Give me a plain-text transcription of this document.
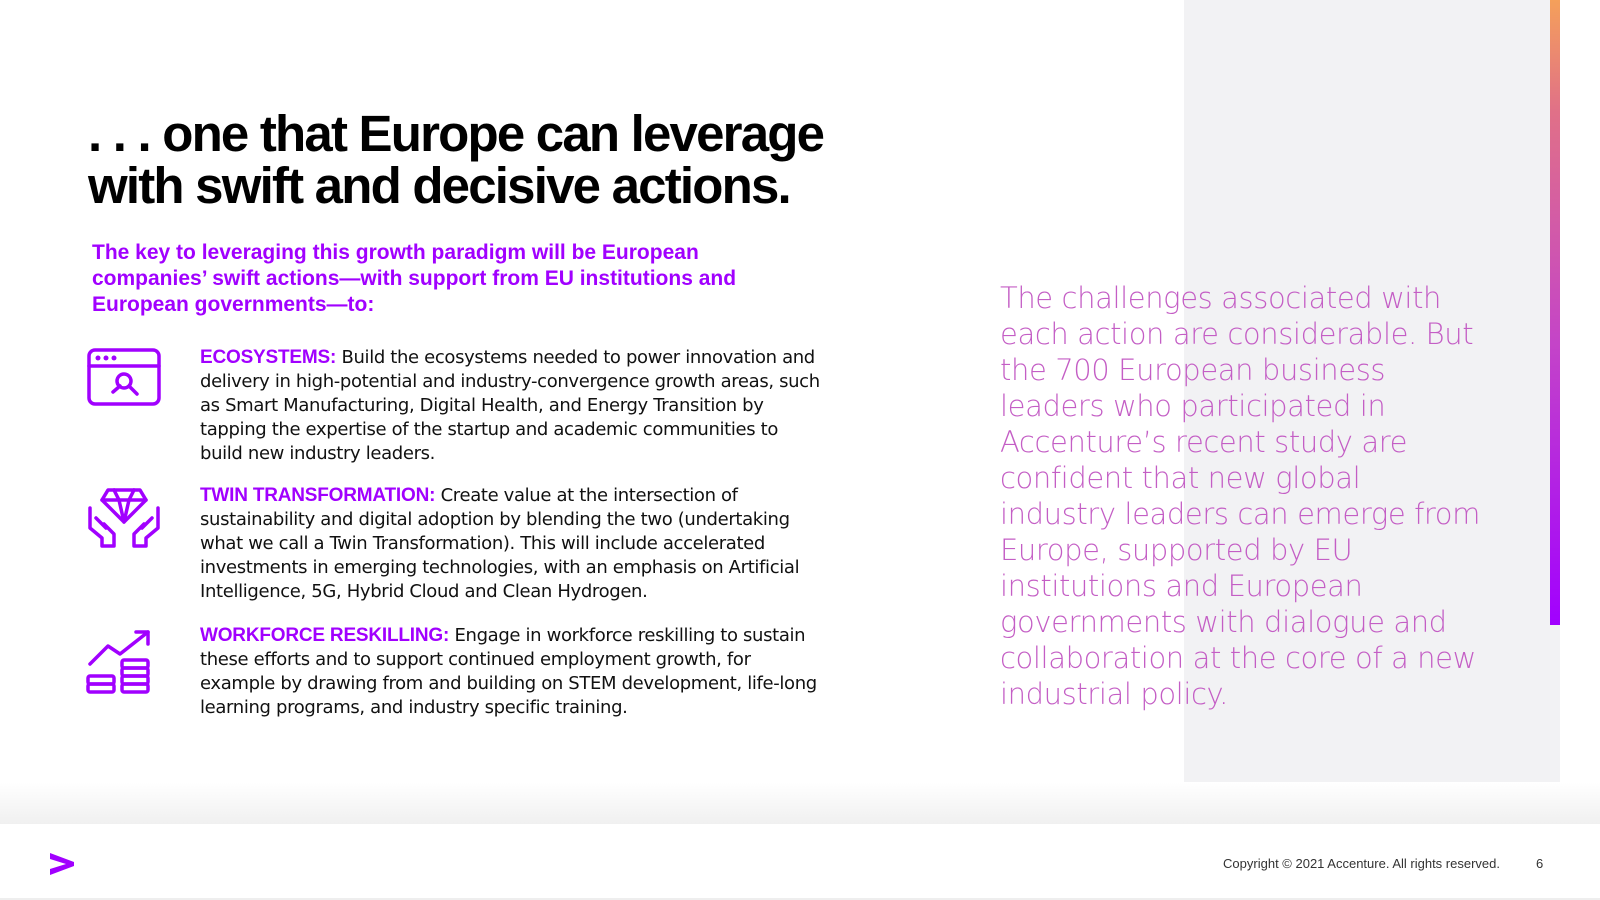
. . . one that Europe can leverage
with swift and decisive actions.
The key to leveraging this growth paradigm will be European companies’ swift actions—with support from EU institutions and European governments—to:
ECOSYSTEMS: Build the ecosystems needed to power innovation and delivery in high-potential and industry-convergence growth areas, such as Smart Manufacturing, Digital Health, and Energy Transition by tapping the expertise of the startup and academic communities to build new industry leaders.
TWIN TRANSFORMATION: Create value at the intersection of sustainability and digital adoption by blending the two (undertaking what we call a Twin Transformation). This will include accelerated investments in emerging technologies, with an emphasis on Artificial Intelligence, 5G, Hybrid Cloud and Clean Hydrogen.
WORKFORCE RESKILLING: Engage in workforce reskilling to sustain these efforts and to support continued employment growth, for example by drawing from and building on STEM development, life-long learning programs, and industry specific training.
The challenges associated with each action are considerable. But the 700 European business leaders who participated in Accenture’s recent study are confident that new global industry leaders can emerge from Europe, supported by EU institutions and European governments with dialogue and collaboration at the core of a new industrial policy.
Copyright © 2021 Accenture. All rights reserved.	6
